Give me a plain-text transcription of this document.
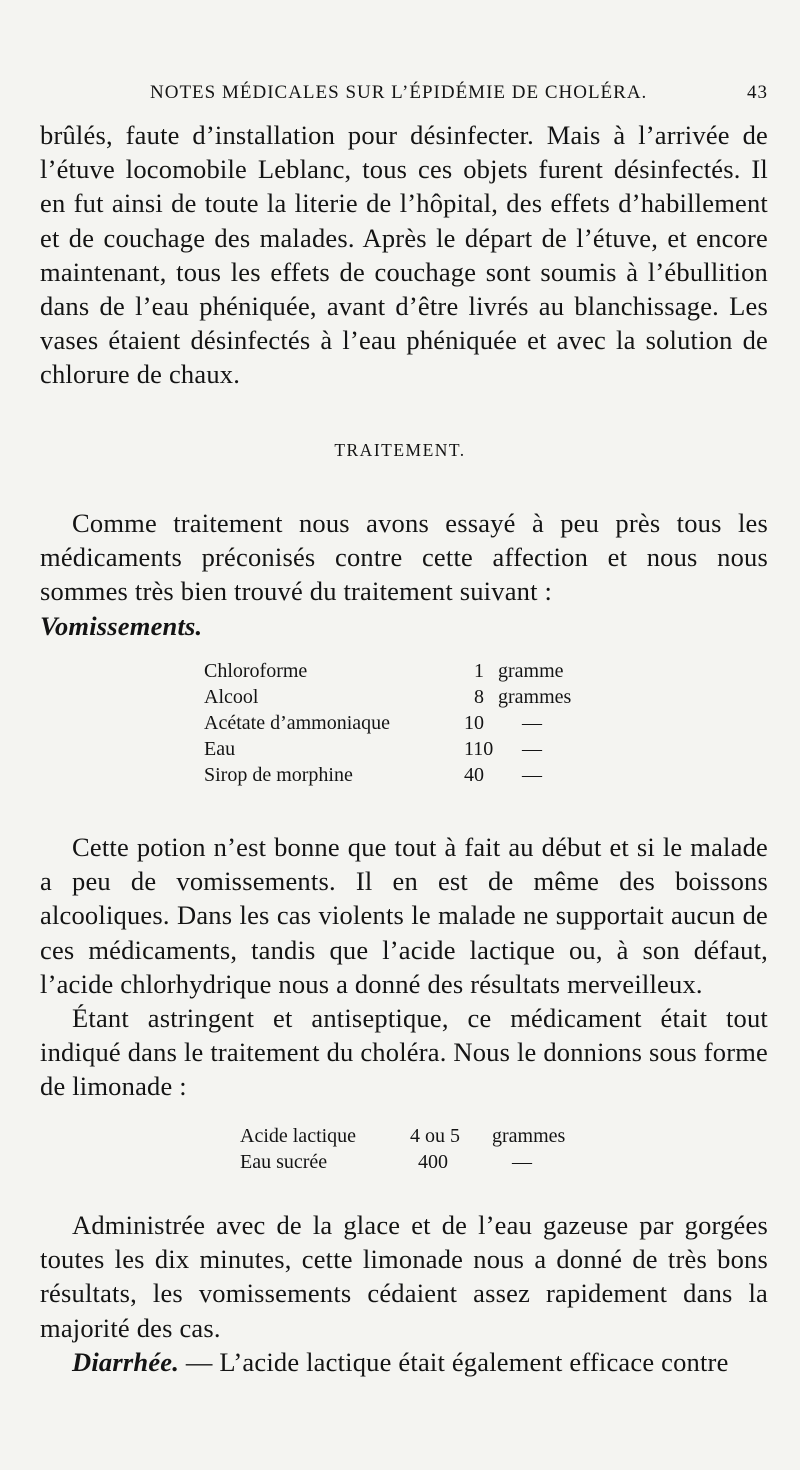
NOTES MÉDICALES SUR L’ÉPIDÉMIE DE CHOLÉRA.	43

brûlés, faute d’installation pour désinfecter. Mais à l’arrivée de l’étuve locomobile Leblanc, tous ces objets furent désinfectés. Il en fut ainsi de toute la literie de l’hôpital, des effets d’habillement et de couchage des malades. Après le départ de l’étuve, et encore maintenant, tous les effets de couchage sont soumis à l’ébullition dans de l’eau phéniquée, avant d’être livrés au blanchissage. Les vases étaient désinfectés à l’eau phéniquée et avec la solution de chlorure de chaux.

TRAITEMENT.

Comme traitement nous avons essayé à peu près tous les médicaments préconisés contre cette affection et nous nous sommes très bien trouvé du traitement suivant :

Vomissements.

Chloroforme	1 gramme
Alcool	8 grammes
Acétate d’ammoniaque	10 —
Eau	110 —
Sirop de morphine	40 —

Cette potion n’est bonne que tout à fait au début et si le malade a peu de vomissements. Il en est de même des boissons alcooliques. Dans les cas violents le malade ne supportait aucun de ces médicaments, tandis que l’acide lactique ou, à son défaut, l’acide chlorhydrique nous a donné des résultats merveilleux.

Étant astringent et antiseptique, ce médicament était tout indiqué dans le traitement du choléra. Nous le donnions sous forme de limonade :

Acide lactique	4 ou 5 grammes
Eau sucrée	400	—

Administrée avec de la glace et de l’eau gazeuse par gorgées toutes les dix minutes, cette limonade nous a donné de très bons résultats, les vomissements cédaient assez rapidement dans la majorité des cas.

Diarrhée. — L’acide lactique était également efficace contre
